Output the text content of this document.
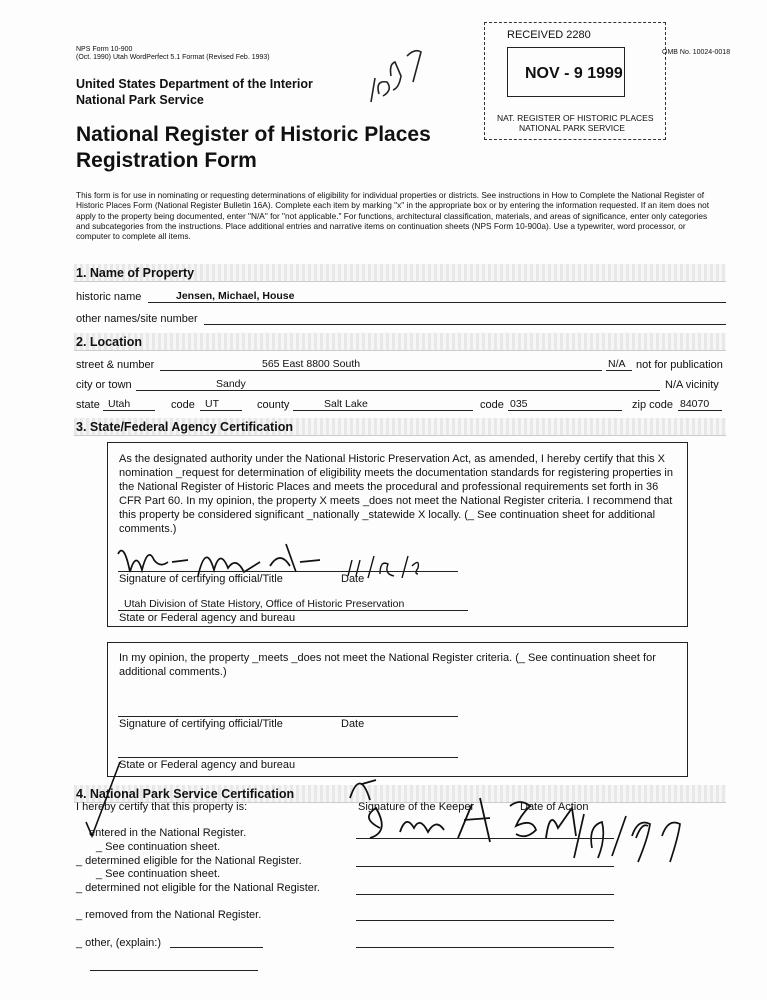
NPS Form 10-900
(Oct. 1990) Utah WordPerfect 5.1 Format (Revised Feb. 1993)
OMB No. 10024-0018
United States Department of the Interior
National Park Service
National Register of Historic Places
Registration Form
RECEIVED 2280
NOV - 9 1999
NAT. REGISTER OF HISTORIC PLACES
NATIONAL PARK SERVICE
This form is for use in nominating or requesting determinations of eligibility for individual properties or districts. See instructions in How to Complete the National Register of Historic Places Form (National Register Bulletin 16A). Complete each item by marking "x" in the appropriate box or by entering the information requested. If an item does not apply to the property being documented, enter "N/A" for "not applicable." For functions, architectural classification, materials, and areas of significance, enter only categories and subcategories from the instructions. Place additional entries and narrative items on continuation sheets (NPS Form 10-900a). Use a typewriter, word processor, or computer to complete all items.
1. Name of Property
historic name	Jensen, Michael, House
other names/site number
2. Location
street & number	565 East 8800 South	N/A not for publication
city or town	Sandy	N/A vicinity
state Utah	code UT	county	Salt Lake	code 035	zip code 84070
3. State/Federal Agency Certification
As the designated authority under the National Historic Preservation Act, as amended, I hereby certify that this X nomination _request for determination of eligibility meets the documentation standards for registering properties in the National Register of Historic Places and meets the procedural and professional requirements set forth in 36 CFR Part 60. In my opinion, the property X meets _does not meet the National Register criteria. I recommend that this property be considered significant _nationally _statewide X locally. (_ See continuation sheet for additional comments.)
Signature of certifying official/Title	Date
Utah Division of State History, Office of Historic Preservation
State or Federal agency and bureau
In my opinion, the property _meets _does not meet the National Register criteria. (_ See continuation sheet for additional comments.)
Signature of certifying official/Title	Date
State or Federal agency and bureau
4. National Park Service Certification
I hereby certify that this property is:	Signature of the Keeper	Date of Action
entered in the National Register.
_ See continuation sheet.
_ determined eligible for the National Register.
_ See continuation sheet.
_ determined not eligible for the National Register.
_ removed from the National Register.
_ other, (explain:)
